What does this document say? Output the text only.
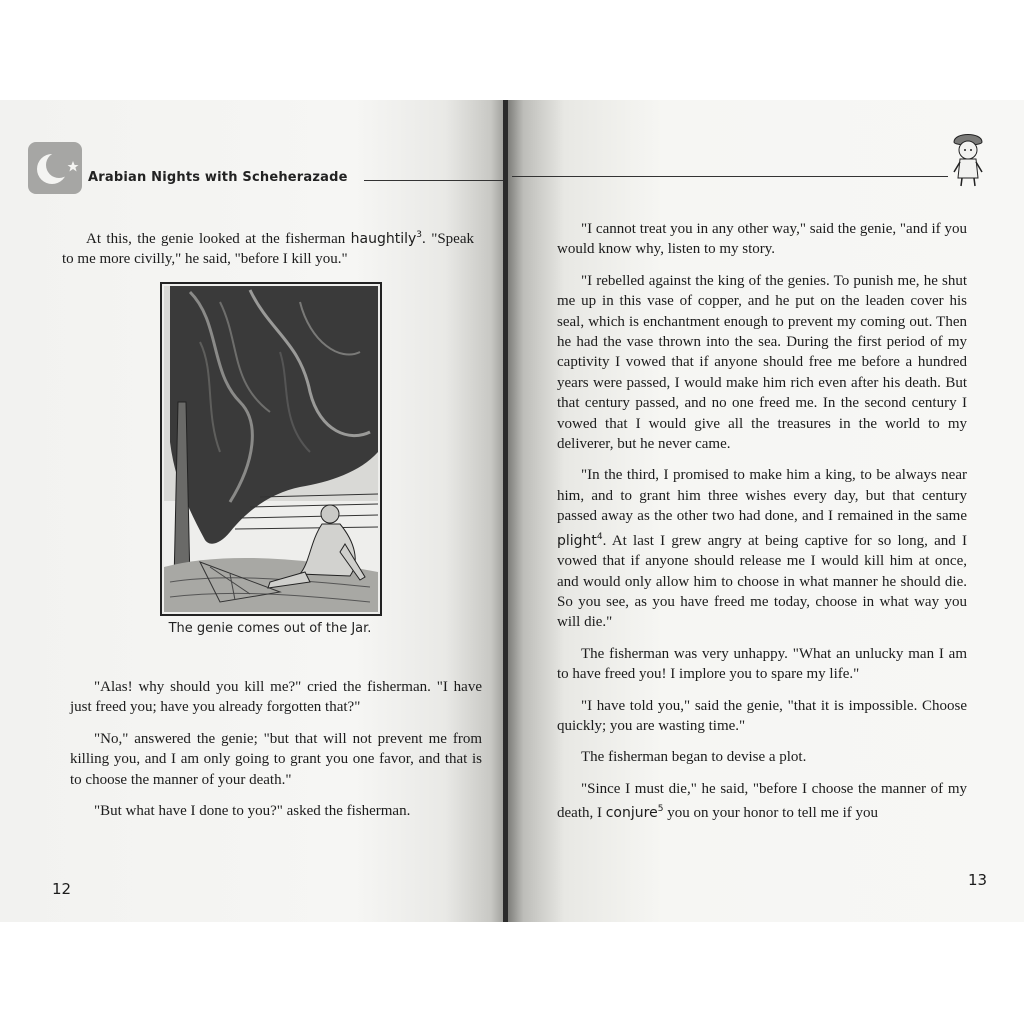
Arabian Nights with Scheherazade

At this, the genie looked at the fisherman haughtily$^3$. "Speak to me more civilly," he said, "before I kill you."

The genie comes out of the Jar.

"Alas! why should you kill me?" cried the fisherman. "I have just freed you; have you already forgotten that?"

"No," answered the genie; "but that will not prevent me from killing you, and I am only going to grant you one favor, and that is to choose the manner of your death."

"But what have I done to you?" asked the fisherman.

12

"I cannot treat you in any other way," said the genie, "and if you would know why, listen to my story.

"I rebelled against the king of the genies. To punish me, he shut me up in this vase of copper, and he put on the leaden cover his seal, which is enchantment enough to prevent my coming out. Then he had the vase thrown into the sea. During the first period of my captivity I vowed that if anyone should free me before a hundred years were passed, I would make him rich even after his death. But that century passed, and no one freed me. In the second century I vowed that I would give all the treasures in the world to my deliverer, but he never came.

"In the third, I promised to make him a king, to be always near him, and to grant him three wishes every day, but that century passed away as the other two had done, and I remained in the same plight$^4$. At last I grew angry at being captive for so long, and I vowed that if anyone should release me I would kill him at once, and would only allow him to choose in what manner he should die. So you see, as you have freed me today, choose in what way you will die."

The fisherman was very unhappy. "What an unlucky man I am to have freed you! I implore you to spare my life."

"I have told you," said the genie, "that it is impossible. Choose quickly; you are wasting time."

The fisherman began to devise a plot.

"Since I must die," he said, "before I choose the manner of my death, I conjure$^5$ you on your honor to tell me if you

13
